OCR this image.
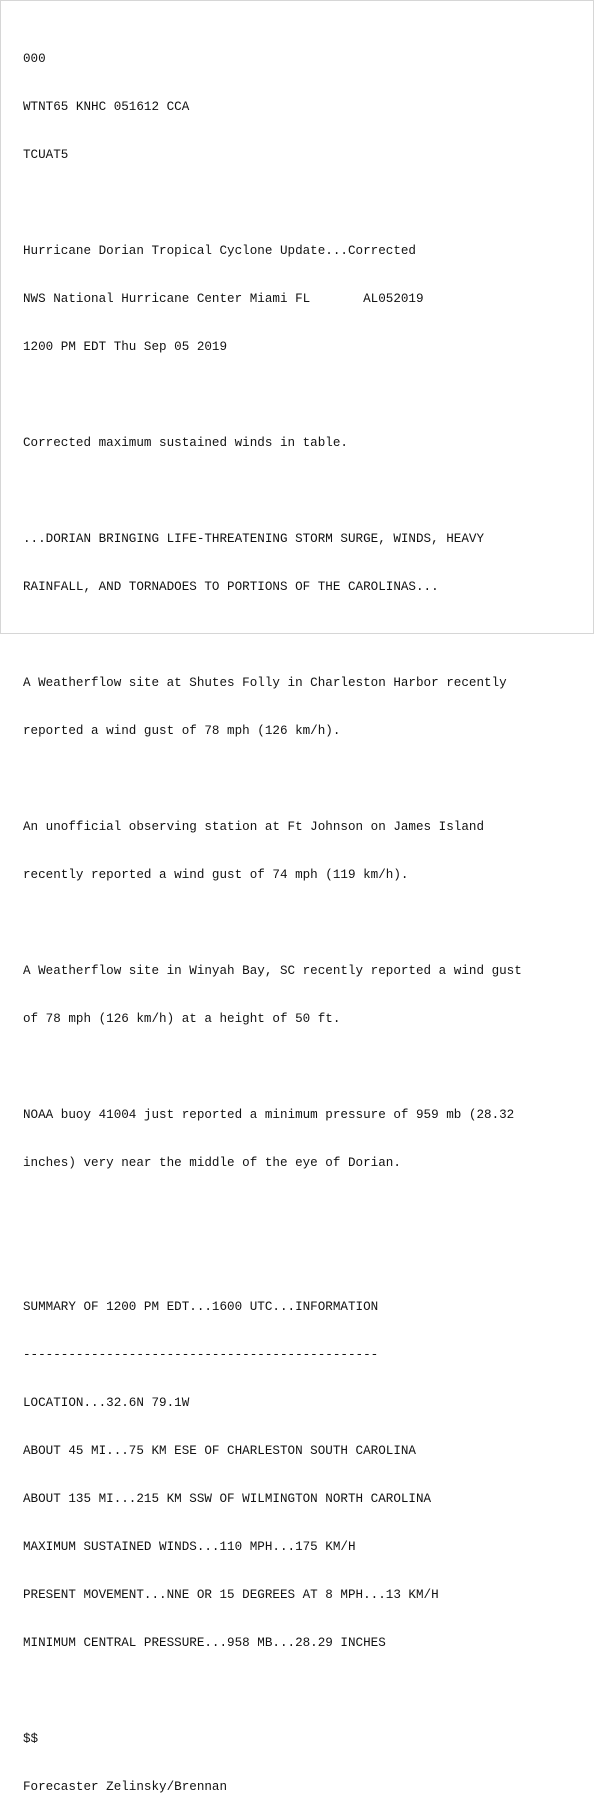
000

WTNT65 KNHC 051612 CCA

TCUAT5

Hurricane Dorian Tropical Cyclone Update...Corrected

NWS National Hurricane Center Miami FL       AL052019

1200 PM EDT Thu Sep 05 2019

Corrected maximum sustained winds in table.

...DORIAN BRINGING LIFE-THREATENING STORM SURGE, WINDS, HEAVY

RAINFALL, AND TORNADOES TO PORTIONS OF THE CAROLINAS...

A Weatherflow site at Shutes Folly in Charleston Harbor recently

reported a wind gust of 78 mph (126 km/h).

An unofficial observing station at Ft Johnson on James Island

recently reported a wind gust of 74 mph (119 km/h).

A Weatherflow site in Winyah Bay, SC recently reported a wind gust

of 78 mph (126 km/h) at a height of 50 ft.

NOAA buoy 41004 just reported a minimum pressure of 959 mb (28.32

inches) very near the middle of the eye of Dorian.

SUMMARY OF 1200 PM EDT...1600 UTC...INFORMATION

-----------------------------------------------

LOCATION...32.6N 79.1W

ABOUT 45 MI...75 KM ESE OF CHARLESTON SOUTH CAROLINA

ABOUT 135 MI...215 KM SSW OF WILMINGTON NORTH CAROLINA

MAXIMUM SUSTAINED WINDS...110 MPH...175 KM/H

PRESENT MOVEMENT...NNE OR 15 DEGREES AT 8 MPH...13 KM/H

MINIMUM CENTRAL PRESSURE...958 MB...28.29 INCHES

$$

Forecaster Zelinsky/Brennan
